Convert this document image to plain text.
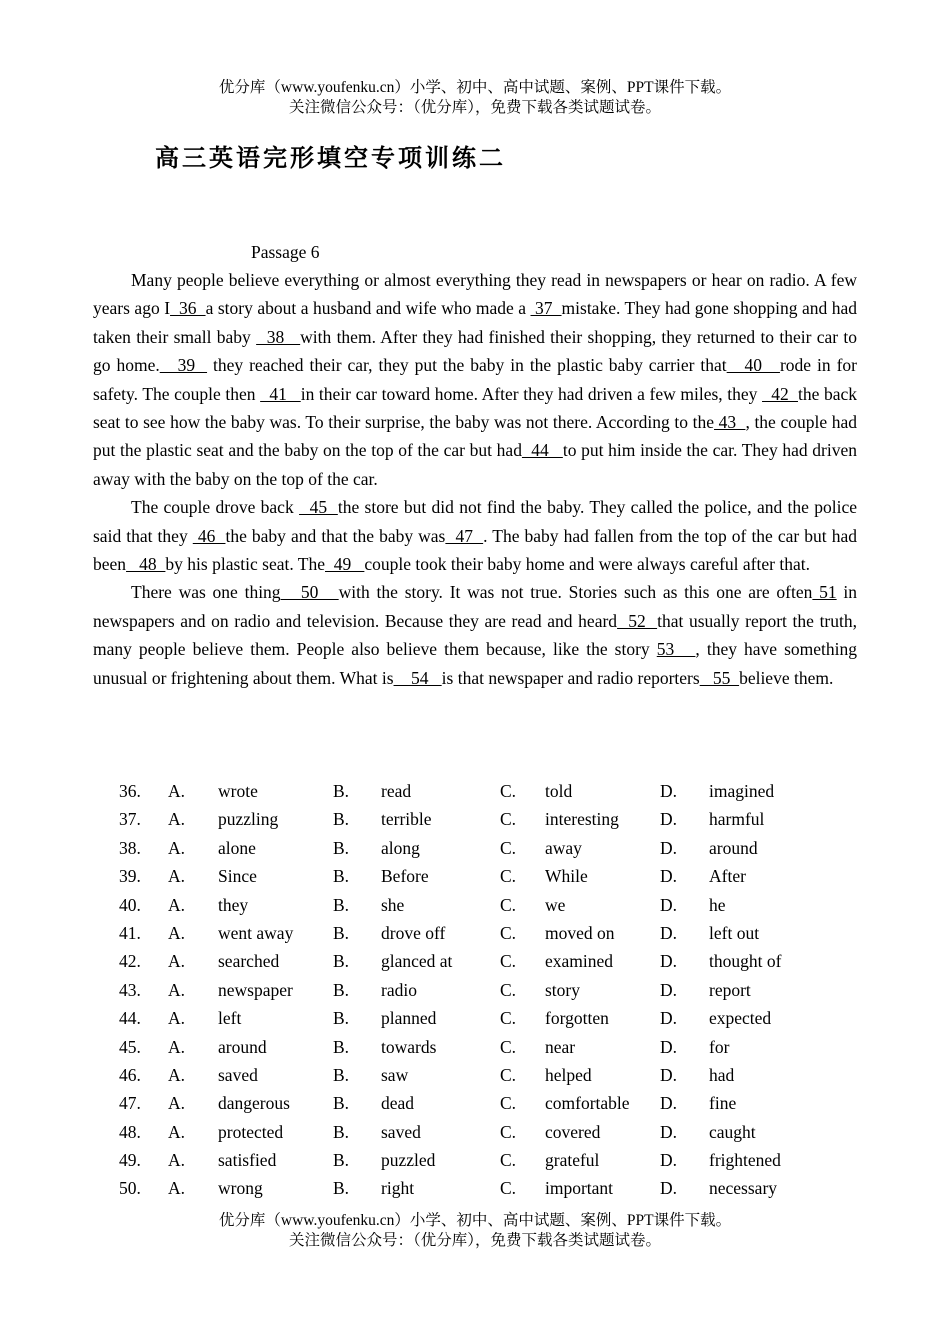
优分库（www.youfenku.cn）小学、初中、高中试题、案例、PPT课件下载。
关注微信公众号：（优分库），免费下载各类试题试卷。
高三英语完形填空专项训练二
Passage 6

Many people believe everything or almost everything they read in newspapers or hear on radio. A few years ago I  36  a story about a husband and wife who made a  37  mistake. They had gone shopping and had taken their small baby   38   with them. After they had finished their shopping, they returned to their car to go home.   39   they reached their car, they put the baby in the plastic baby carrier that   40   rode in for safety. The couple then   41   in their car toward home. After they had driven a few miles, they   42  the back seat to see how the baby was. To their surprise, the baby was not there. According to the 43  , the couple had put the plastic seat and the baby on the top of the car but had  44   to put him inside the car. They had driven away with the baby on the top of the car.

The couple drove back   45  the store but did not find the baby. They called the police, and the police said that they  46  the baby and that the baby was  47  . The baby had fallen from the top of the car but had been   48  by his plastic seat. The  49   couple took their baby home and were always careful after that.

There was one thing   50   with the story. It was not true. Stories such as this one are often 51 in newspapers and on radio and television. Because they are read and heard  52  that usually report the truth, many people believe them. People also believe them because, like the story 53   , they have something unusual or frightening about them. What is    54   is that newspaper and radio reporters   55  believe them.

36. A. wrote	B. read	C. told	D. imagined
37. A. puzzling	B. terrible	C. interesting D. harmful
38. A. alone	B. along	C. away	D. around
39. A. Since	B. Before	C. While	D. After
40. A. they	B. she	C. we	D. he
41. A. went away B. drove off	C. moved on	D. left out
42. A. searched	B. glanced at	C. examined	D. thought of
43. A. newspaper B. radio	C. story	D. report
44. A. left	B. planned	C. forgotten	D. expected
45. A. around	B. towards	C. near	D. for
46. A. saved	B. saw	C. helped	D. had
47. A. dangerous B. dead	C. comfortable D. fine
48. A. protected	B. saved	C. covered	D. caught
49. A. satisfied	B. puzzled	C. grateful	D. frightened
50. A. wrong	B. right	C. important	D. necessary
优分库（www.youfenku.cn）小学、初中、高中试题、案例、PPT课件下载。
关注微信公众号：（优分库），免费下载各类试题试卷。
